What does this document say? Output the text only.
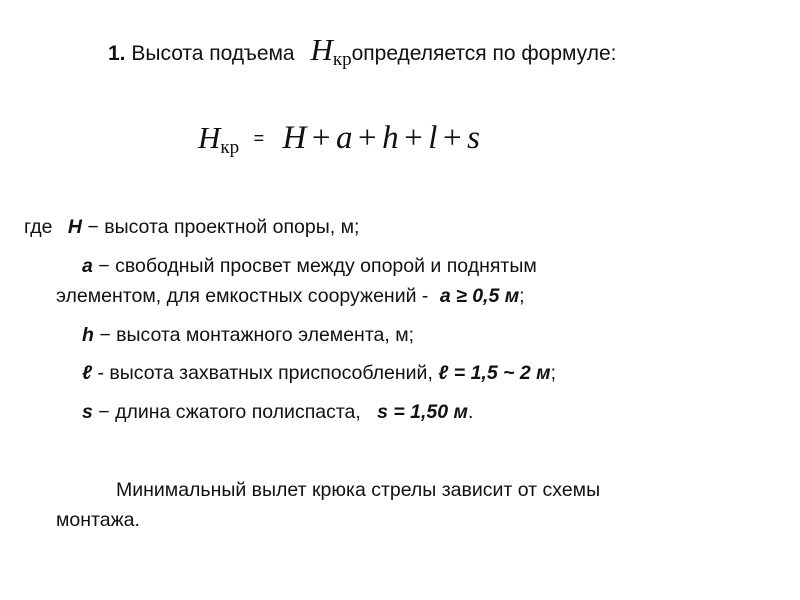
1. Высота подъема Hкропределяется по формуле:
Hкр = H + a + h + l + s
где H − высота проектной опоры, м;
a − свободный просвет между опорой и поднятым
элементом, для емкостных сооружений - a ≥ 0,5 м;
h − высота монтажного элемента, м;
ℓ - высота захватных приспособлений, ℓ = 1,5 ~ 2 м;
s − длина сжатого полиспаста,   s = 1,50 м.
Минимальный вылет крюка стрелы зависит от схемы
монтажа.
